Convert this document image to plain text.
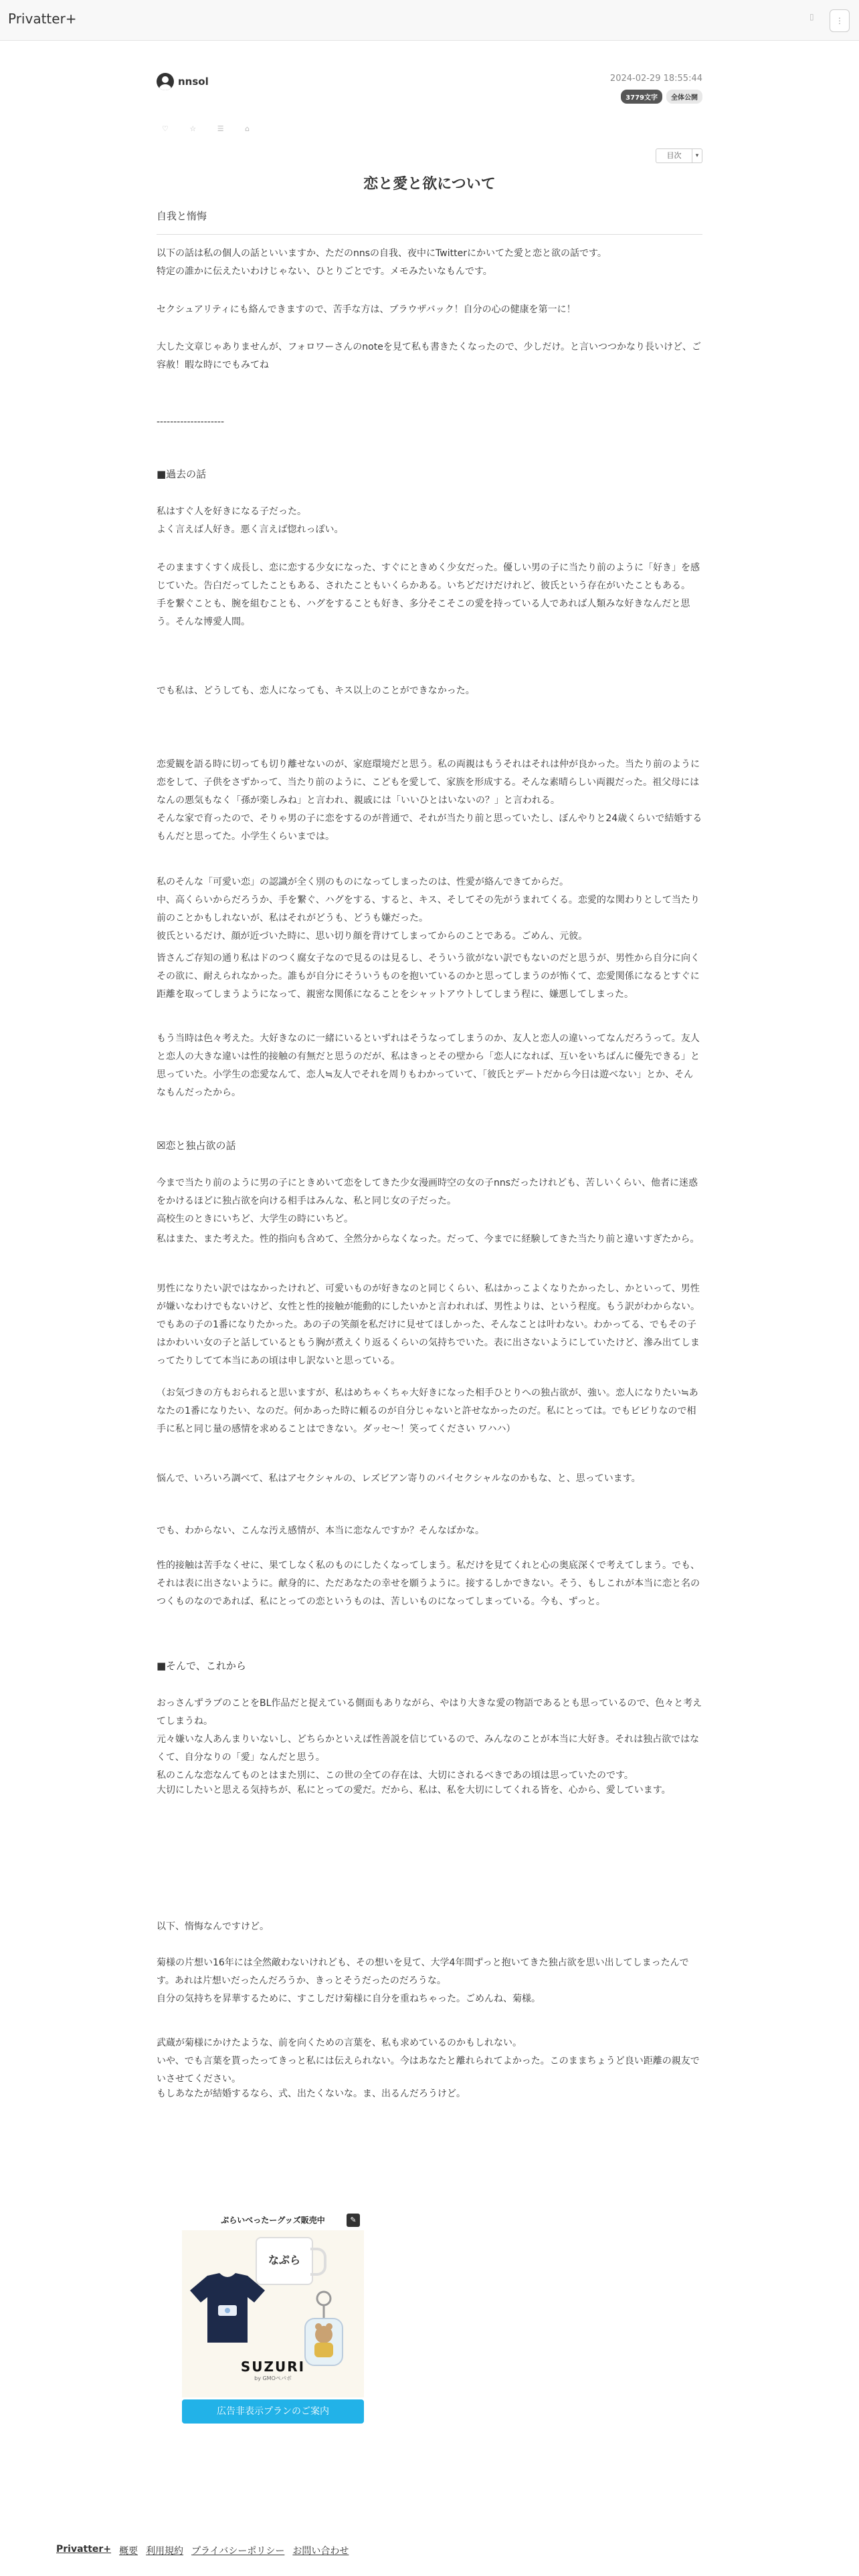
Privatter+	▯	⋮
nnsol	2024-02-29 18:55:44
3779文字	全体公開
♡ ☆ ☰ ⌂
目次	▾
恋と愛と欲について
自我と惰悔
以下の話は私の個人の話といいますか、ただのnnsの自我、夜中にTwitterにかいてた愛と恋と欲の話です。
特定の誰かに伝えたいわけじゃない、ひとりごとです。メモみたいなもんです。
セクシュアリティにも絡んできますので、苦手な方は、ブラウザバック！自分の心の健康を第一に！
大した文章じゃありませんが、フォロワーさんのnoteを見て私も書きたくなったので、少しだけ。と言いつつかなり長いけど、ご容赦！暇な時にでもみてね
--------------------
■過去の話
私はすぐ人を好きになる子だった。
よく言えば人好き。悪く言えば惚れっぽい。
そのまますくすく成長し、恋に恋する少女になった、すぐにときめく少女だった。優しい男の子に当たり前のように「好き」を感じていた。告白だってしたこともある、されたこともいくらかある。いちどだけだけれど、彼氏という存在がいたこともある。
手を繋ぐことも、腕を組むことも、ハグをすることも好き、多分そこそこの愛を持っている人であれば人類みな好きなんだと思う。そんな博愛人間。
でも私は、どうしても、恋人になっても、キス以上のことができなかった。
恋愛観を語る時に切っても切り離せないのが、家庭環境だと思う。私の両親はもうそれはそれは仲が良かった。当たり前のように恋をして、子供をさずかって、当たり前のように、こどもを愛して、家族を形成する。そんな素晴らしい両親だった。祖父母にはなんの悪気もなく「孫が楽しみね」と言われ、親戚には「いいひとはいないの？」と言われる。
そんな家で育ったので、そりゃ男の子に恋をするのが普通で、それが当たり前と思っていたし、ぼんやりと24歳くらいで結婚するもんだと思ってた。小学生くらいまでは。
私のそんな「可愛い恋」の認識が全く別のものになってしまったのは、性愛が絡んできてからだ。
中、高くらいからだろうか、手を繋ぐ、ハグをする、すると、キス、そしてその先がうまれてくる。恋愛的な関わりとして当たり前のことかもしれないが、私はそれがどうも、どうも嫌だった。
彼氏といるだけ、顔が近づいた時に、思い切り顔を背けてしまってからのことである。ごめん、元彼。
皆さんご存知の通り私はドのつく腐女子なので見るのは見るし、そういう欲がない訳でもないのだと思うが、男性から自分に向くその欲に、耐えられなかった。誰もが自分にそういうものを抱いているのかと思ってしまうのが怖くて、恋愛関係になるとすぐに距離を取ってしまうようになって、親密な関係になることをシャットアウトしてしまう程に、嫌悪してしまった。
もう当時は色々考えた。大好きなのに一緒にいるといずれはそうなってしまうのか、友人と恋人の違いってなんだろうって。友人と恋人の大きな違いは性的接触の有無だと思うのだが、私はきっとその壁から「恋人になれば、互いをいちばんに優先できる」と思っていた。小学生の恋愛なんて、恋人≒友人でそれを周りもわかっていて、「彼氏とデートだから今日は遊べない」とか、そんなもんだったから。
☒恋と独占欲の話
今まで当たり前のように男の子にときめいて恋をしてきた少女漫画時空の女の子nnsだったけれども、苦しいくらい、他者に迷惑をかけるほどに独占欲を向ける相手はみんな、私と同じ女の子だった。
高校生のときにいちど、大学生の時にいちど。
私はまた、また考えた。性的指向も含めて、全然分からなくなった。だって、今までに経験してきた当たり前と違いすぎたから。
男性になりたい訳ではなかったけれど、可愛いものが好きなのと同じくらい、私はかっこよくなりたかったし、かといって、男性が嫌いなわけでもないけど、女性と性的接触が能動的にしたいかと言われれば、男性よりは、という程度。もう訳がわからない。でもあの子の1番になりたかった。あの子の笑顔を私だけに見せてほしかった、そんなことは叶わない。わかってる、でもその子はかわいい女の子と話しているともう胸が煮えくり返るくらいの気持ちでいた。表に出さないようにしていたけど、滲み出てしまってたりしてて本当にあの頃は申し訳ないと思っている。
（お気づきの方もおられると思いますが、私はめちゃくちゃ大好きになった相手ひとりへの独占欲が、強い。恋人になりたい≒あなたの1番になりたい、なのだ。何かあった時に頼るのが自分じゃないと許せなかったのだ。私にとっては。でもビビりなので相手に私と同じ量の感情を求めることはできない。ダッセ～！笑ってください ワハハ）
悩んで、いろいろ調べて、私はアセクシャルの、レズビアン寄りのバイセクシャルなのかもな、と、思っています。
でも、わからない、こんな汚え感情が、本当に恋なんですか？そんなばかな。
性的接触は苦手なくせに、果てしなく私のものにしたくなってしまう。私だけを見てくれと心の奥底深くで考えてしまう。でも、それは表に出さないように。献身的に、ただあなたの幸せを願うように。接するしかできない。そう、もしこれが本当に恋と名のつくものなのであれば、私にとっての恋というものは、苦しいものになってしまっている。今も、ずっと。
■そんで、これから
おっさんずラブのことをBL作品だと捉えている側面もありながら、やはり大きな愛の物語であるとも思っているので、色々と考えてしまうね。
元々嫌いな人あんまりいないし、どちらかといえば性善説を信じているので、みんなのことが本当に大好き。それは独占欲ではなくて、自分なりの「愛」なんだと思う。
私のこんな恋なんてものとはまた別に、この世の全ての存在は、大切にされるべきであの頃は思っていたのです。
大切にしたいと思える気持ちが、私にとっての愛だ。だから、私は、私を大切にしてくれる皆を、心から、愛しています。
以下、惰悔なんですけど。
菊様の片想い16年には全然敵わないけれども、その想いを見て、大学4年間ずっと抱いてきた独占欲を思い出してしまったんです。あれは片想いだったんだろうか、きっとそうだったのだろうな。
自分の気持ちを昇華するために、すこしだけ菊様に自分を重ねちゃった。ごめんね、菊様。
武蔵が菊様にかけたような、前を向くための言葉を、私も求めているのかもしれない。
いや、でも言葉を貰ったってきっと私には伝えられない。今はあなたと離れられてよかった。このままちょうど良い距離の親友でいさせてください。
もしあなたが結婚するなら、式、出たくないな。ま、出るんだろうけど。
ぷらいべったーグッズ販売中	✎
なぷら
SUZURI
by GMOペパボ
広告非表示プランのご案内
Privatter+ 概要 利用規約 プライバシーポリシー お問い合わせ
